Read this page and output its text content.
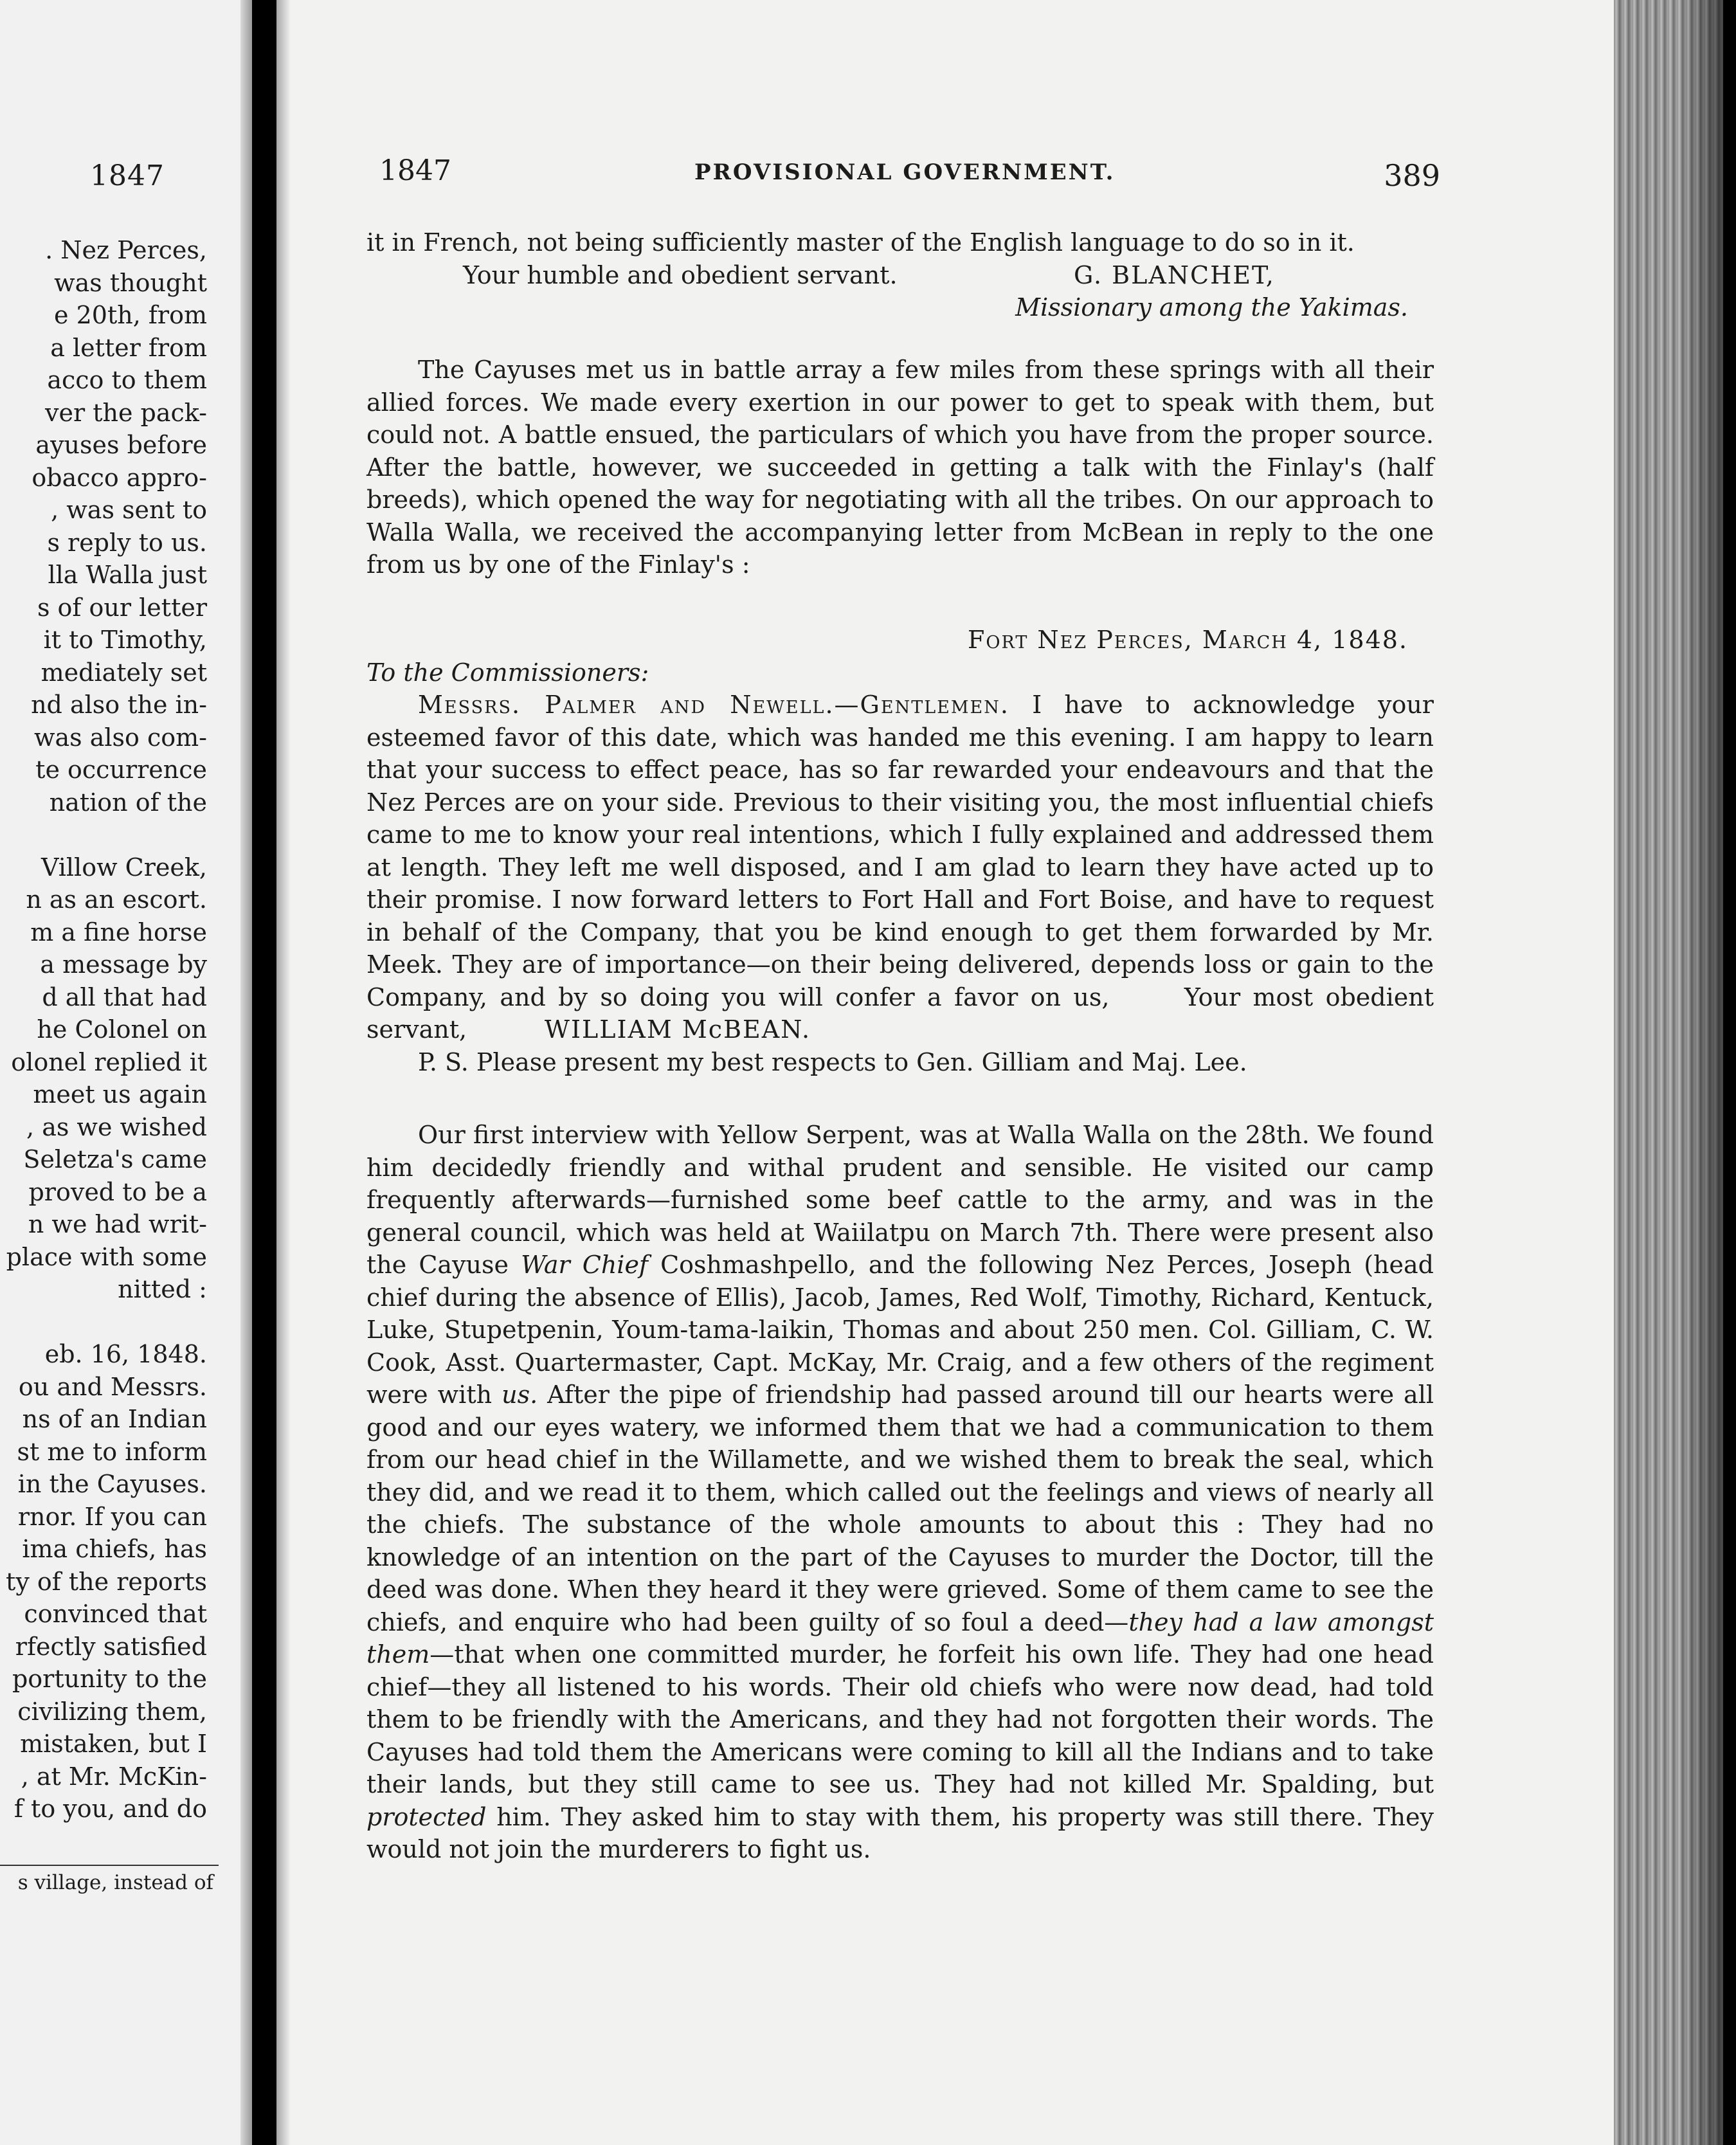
1847
. Nez Perces,
was thought
e 20th, from
a letter from
acco to them
ver the pack-
ayuses before
obacco appro-
, was sent to
s reply to us.
lla Walla just
s of our letter
it to Timothy,
mediately set
nd also the in-
was also com-
te occurrence
nation of the
Villow Creek,
n as an escort.
m a fine horse
a message by
d all that had
he Colonel on
olonel replied it
meet us again
, as we wished
Seletza's came
proved to be a
n we had writ-
place with some
nitted :
eb. 16, 1848.
ou and Messrs.
ns of an Indian
st me to inform
in the Cayuses.
rnor. If you can
ima chiefs, has
ty of the reports
convinced that
rfectly satisfied
portunity to the
civilizing them,
mistaken, but I
, at Mr. McKin-
f to you, and do
s village, instead of
1847	PROVISIONAL GOVERNMENT.	389

it in French, not being sufficiently master of the English language to do so in it.

Your humble and obedient servant.	G. BLANCHET,
Missionary among the Yakimas.

The Cayuses met us in battle array a few miles from these springs with all their allied forces. We made every exertion in our power to get to speak with them, but could not. A battle ensued, the particulars of which you have from the proper source. After the battle, however, we succeeded in getting a talk with the Finlay's (half breeds), which opened the way for negotiating with all the tribes. On our approach to Walla Walla, we received the accompanying letter from McBean in reply to the one from us by one of the Finlay's :

Fort Nez Perces, March 4, 1848.
To the Commissioners:

Messrs. Palmer and Newell.—Gentlemen. I have to acknowledge your esteemed favor of this date, which was handed me this evening. I am happy to learn that your success to effect peace, has so far rewarded your endeavours and that the Nez Perces are on your side. Previous to their visiting you, the most influential chiefs came to me to know your real intentions, which I fully explained and addressed them at length. They left me well disposed, and I am glad to learn they have acted up to their promise. I now forward letters to Fort Hall and Fort Boise, and have to request in behalf of the Company, that you be kind enough to get them forwarded by Mr. Meek. They are of importance—on their being delivered, depends loss or gain to the Company, and by so doing you will confer a favor on us,	Your most obedient servant,	WILLIAM McBEAN.

P. S. Please present my best respects to Gen. Gilliam and Maj. Lee.

Our first interview with Yellow Serpent, was at Walla Walla on the 28th. We found him decidedly friendly and withal prudent and sensible. He visited our camp frequently afterwards—furnished some beef cattle to the army, and was in the general council, which was held at Waiilatpu on March 7th. There were present also the Cayuse War Chief Coshmashpello, and the following Nez Perces, Joseph (head chief during the absence of Ellis), Jacob, James, Red Wolf, Timothy, Richard, Kentuck, Luke, Stupetpenin, Youm-tama-laikin, Thomas and about 250 men. Col. Gilliam, C. W. Cook, Asst. Quartermaster, Capt. McKay, Mr. Craig, and a few others of the regiment were with us. After the pipe of friendship had passed around till our hearts were all good and our eyes watery, we informed them that we had a communication to them from our head chief in the Willamette, and we wished them to break the seal, which they did, and we read it to them, which called out the feelings and views of nearly all the chiefs. The substance of the whole amounts to about this : They had no knowledge of an intention on the part of the Cayuses to murder the Doctor, till the deed was done. When they heard it they were grieved. Some of them came to see the chiefs, and enquire who had been guilty of so foul a deed—they had a law amongst them—that when one committed murder, he forfeit his own life. They had one head chief—they all listened to his words. Their old chiefs who were now dead, had told them to be friendly with the Americans, and they had not forgotten their words. The Cayuses had told them the Americans were coming to kill all the Indians and to take their lands, but they still came to see us. They had not killed Mr. Spalding, but protected him. They asked him to stay with them, his property was still there. They would not join the murderers to fight us.
